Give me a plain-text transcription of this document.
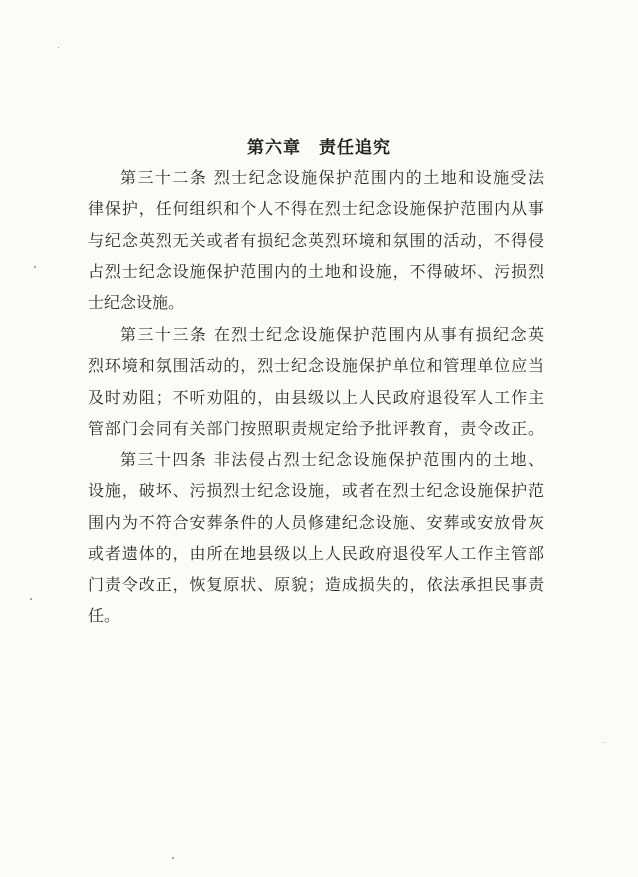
第六章 责任追究
第三十二条 烈士纪念设施保护范围内的土地和设施受法
律保护，任何组织和个人不得在烈士纪念设施保护范围内从事
与纪念英烈无关或者有损纪念英烈环境和氛围的活动，不得侵
占烈士纪念设施保护范围内的土地和设施，不得破坏、污损烈
士纪念设施。
第三十三条 在烈士纪念设施保护范围内从事有损纪念英
烈环境和氛围活动的，烈士纪念设施保护单位和管理单位应当
及时劝阻；不听劝阻的，由县级以上人民政府退役军人工作主
管部门会同有关部门按照职责规定给予批评教育，责令改正。
第三十四条 非法侵占烈士纪念设施保护范围内的土地、
设施，破坏、污损烈士纪念设施，或者在烈士纪念设施保护范
围内为不符合安葬条件的人员修建纪念设施、安葬或安放骨灰
或者遗体的，由所在地县级以上人民政府退役军人工作主管部
门责令改正，恢复原状、原貌；造成损失的，依法承担民事责
任。
